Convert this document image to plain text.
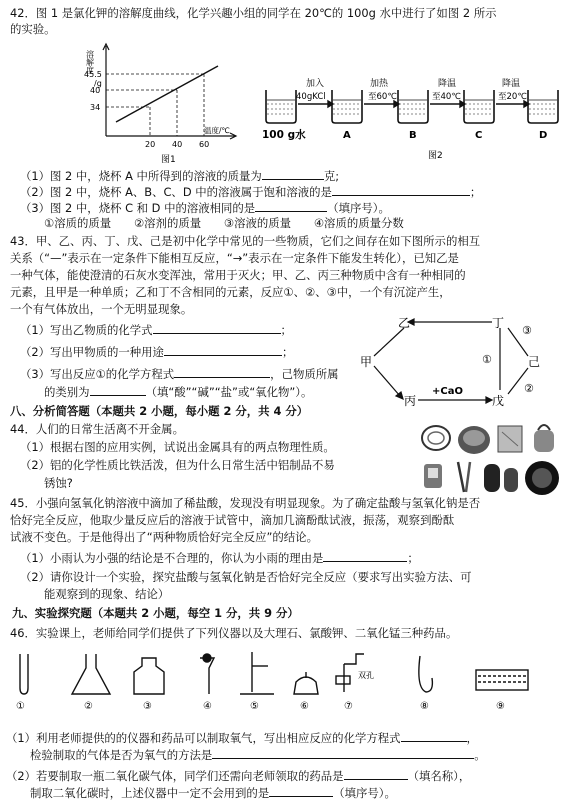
42．图 1 是氯化钾的溶解度曲线，化学兴趣小组的同学在 20℃的 100g 水中进行了如图 2 所示
的实验。
溶解度
/g
45.5
40
34
20 40 60
温度/℃
图1
加入
40gKCl
加热
至60℃
降温
至40℃
降温
至20℃
100 g水	A	B	C	D
图2
（1）图 2 中，烧杯 A 中所得到的溶液的质量为	克;
（2）图 2 中，烧杯 A、B、C、D 中的溶液属于饱和溶液的是	；
（3）图 2 中，烧杯 C 和 D 中的溶液相同的是	（填序号）。
①溶质的质量　　②溶剂的质量　　③溶液的质量　　④溶质的质量分数
43．甲、乙、丙、丁、戊、己是初中化学中常见的一些物质，它们之间存在如下图所示的相互
关系（“—”表示在一定条件下能相互反应，“→”表示在一定条件下能发生转化），已知乙是
一种气体，能使澄清的石灰水变浑浊，常用于灭火；甲、乙、丙三种物质中含有一种相同的
元素，且甲是一种单质；乙和丁不含相同的元素，反应①、②、③中，一个有沉淀产生，
一个有气体放出，一个无明显现象。
（1）写出乙物质的化学式	；
（2）写出甲物质的一种用途	；
（3）写出反应①的化学方程式	，己物质所属
的类别为	（填“酸”“碱”“盐”或“氧化物”）。
乙	丁
甲	己
丙	戊
①
③
②
+CaO
八、分析简答题（本题共 2 小题，每小题 2 分，共 4 分）
44．人们的日常生活离不开金属。
（1）根据右图的应用实例，试说出金属具有的两点物理性质。
（2）铝的化学性质比铁活泼，但为什么日常生活中铝制品不易
锈蚀?
45．小强向氢氧化钠溶液中滴加了稀盐酸，发现没有明显现象。为了确定盐酸与氢氧化钠是否
恰好完全反应，他取少量反应后的溶液于试管中，滴加几滴酚酞试液，振荡，观察到酚酞
试液不变色。于是他得出了“两种物质恰好完全反应”的结论。
（1）小雨认为小强的结论是不合理的，你认为小雨的理由是	；
（2）请你设计一个实验，探究盐酸与氢氧化钠是否恰好完全反应（要求写出实验方法、可
能观察到的现象、结论）
九、实验探究题（本题共 2 小题，每空 1 分，共 9 分）
46．实验课上，老师给同学们提供了下列仪器以及大理石、氯酸钾、二氧化锰三种药品。
双孔
①	②	③	④	⑤	⑥	⑦	⑧	⑨
（1）利用老师提供的的仪器和药品可以制取氧气，写出相应反应的化学方程式	，
检验制取的气体是否为氧气的方法是	。
（2）若要制取一瓶二氧化碳气体，同学们还需向老师领取的药品是	（填名称），
制取二氧化碳时，上述仪器中一定不会用到的是	（填序号）。
